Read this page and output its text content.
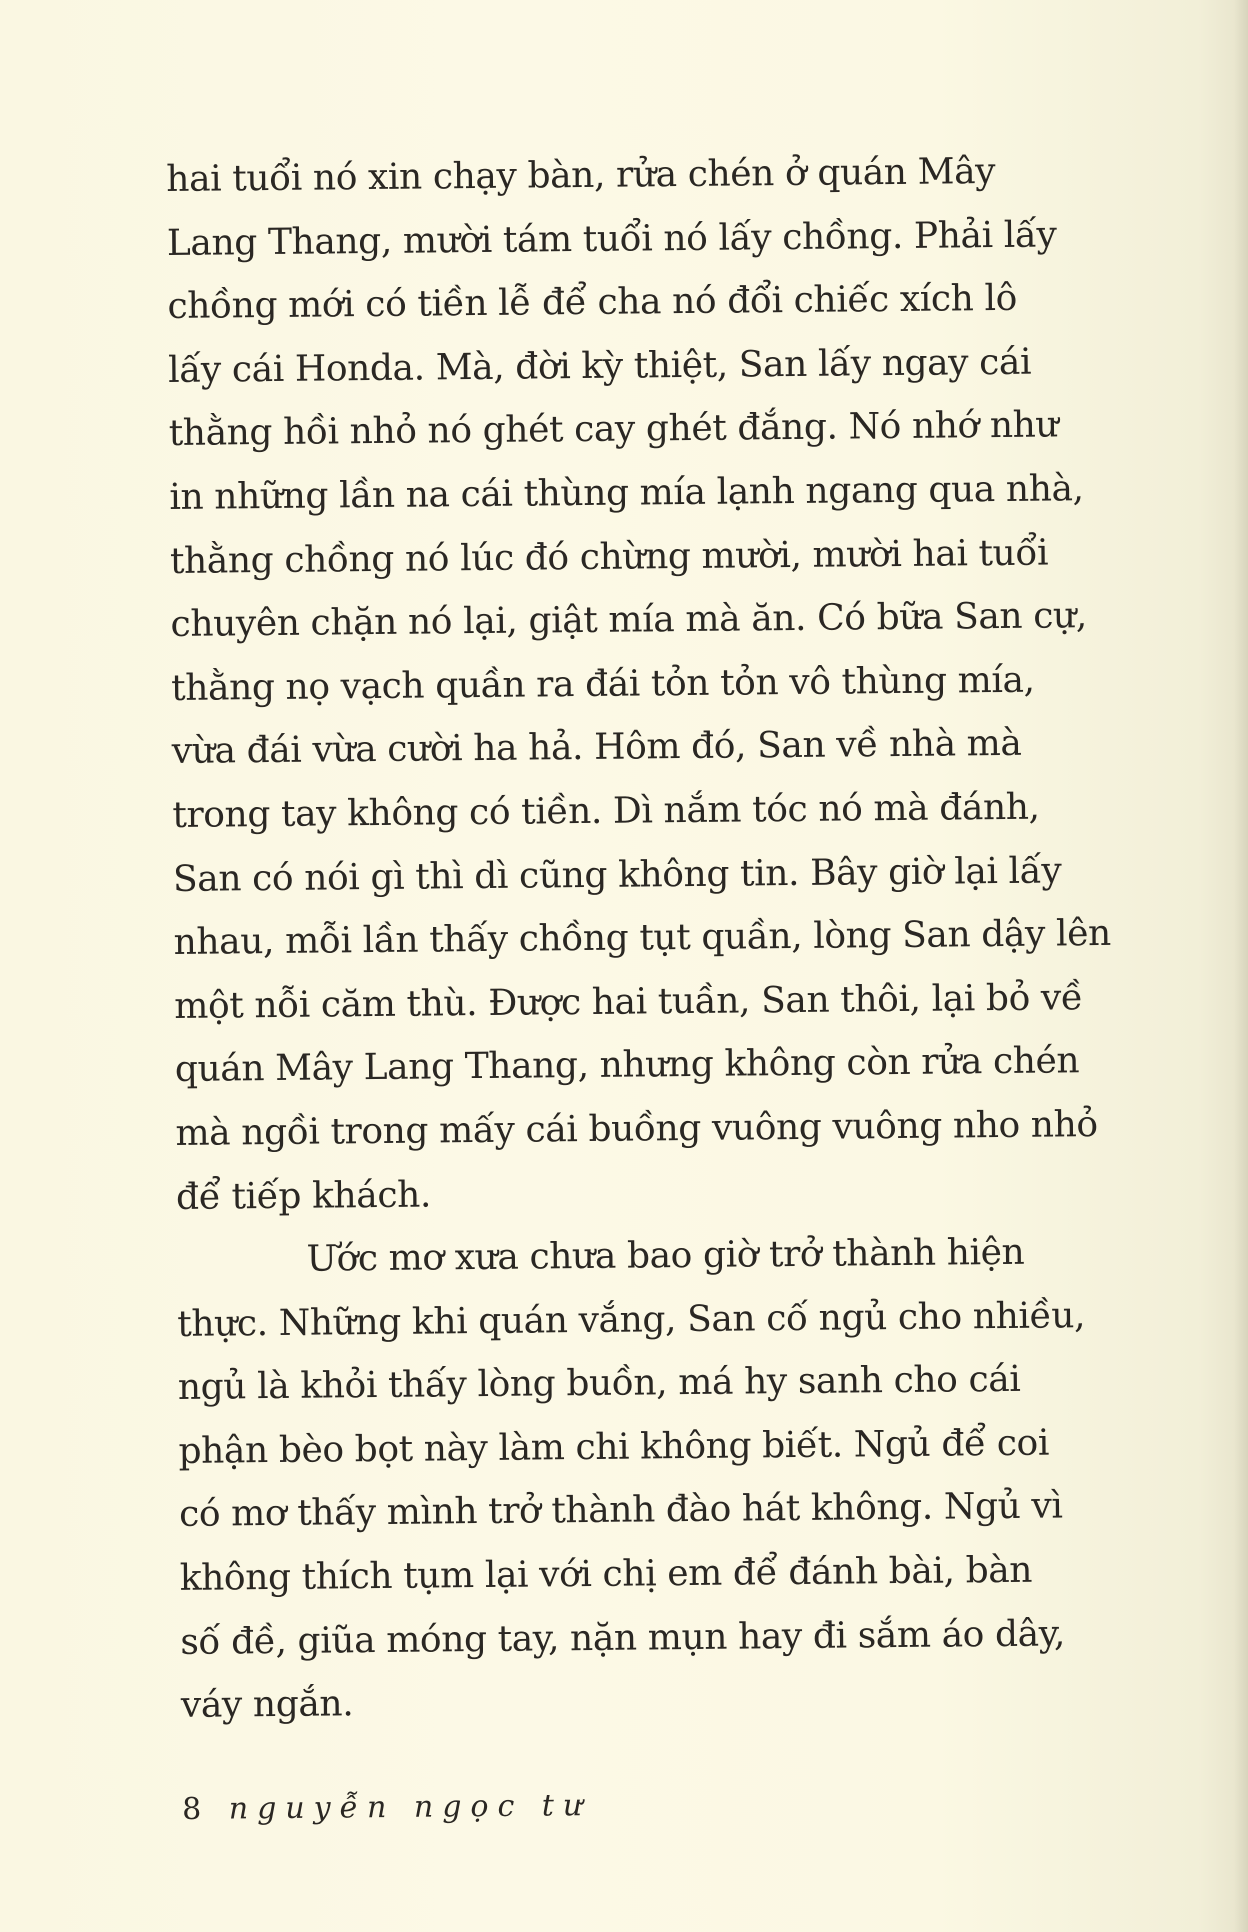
hai tuổi nó xin chạy bàn, rửa chén ở quán Mây
Lang Thang, mười tám tuổi nó lấy chồng. Phải lấy
chồng mới có tiền lễ để cha nó đổi chiếc xích lô
lấy cái Honda. Mà, đời kỳ thiệt, San lấy ngay cái
thằng hồi nhỏ nó ghét cay ghét đắng. Nó nhớ như
in những lần na cái thùng mía lạnh ngang qua nhà,
thằng chồng nó lúc đó chừng mười, mười hai tuổi
chuyên chặn nó lại, giật mía mà ăn. Có bữa San cự,
thằng nọ vạch quần ra đái tỏn tỏn vô thùng mía,
vừa đái vừa cười ha hả. Hôm đó, San về nhà mà
trong tay không có tiền. Dì nắm tóc nó mà đánh,
San có nói gì thì dì cũng không tin. Bây giờ lại lấy
nhau, mỗi lần thấy chồng tụt quần, lòng San dậy lên
một nỗi căm thù. Được hai tuần, San thôi, lại bỏ về
quán Mây Lang Thang, nhưng không còn rửa chén
mà ngồi trong mấy cái buồng vuông vuông nho nhỏ
để tiếp khách.
Ước mơ xưa chưa bao giờ trở thành hiện
thực. Những khi quán vắng, San cố ngủ cho nhiều,
ngủ là khỏi thấy lòng buồn, má hy sanh cho cái
phận bèo bọt này làm chi không biết. Ngủ để coi
có mơ thấy mình trở thành đào hát không. Ngủ vì
không thích tụm lại với chị em để đánh bài, bàn
số đề, giũa móng tay, nặn mụn hay đi sắm áo dây,
váy ngắn.
8 nguyễn ngọc tư
